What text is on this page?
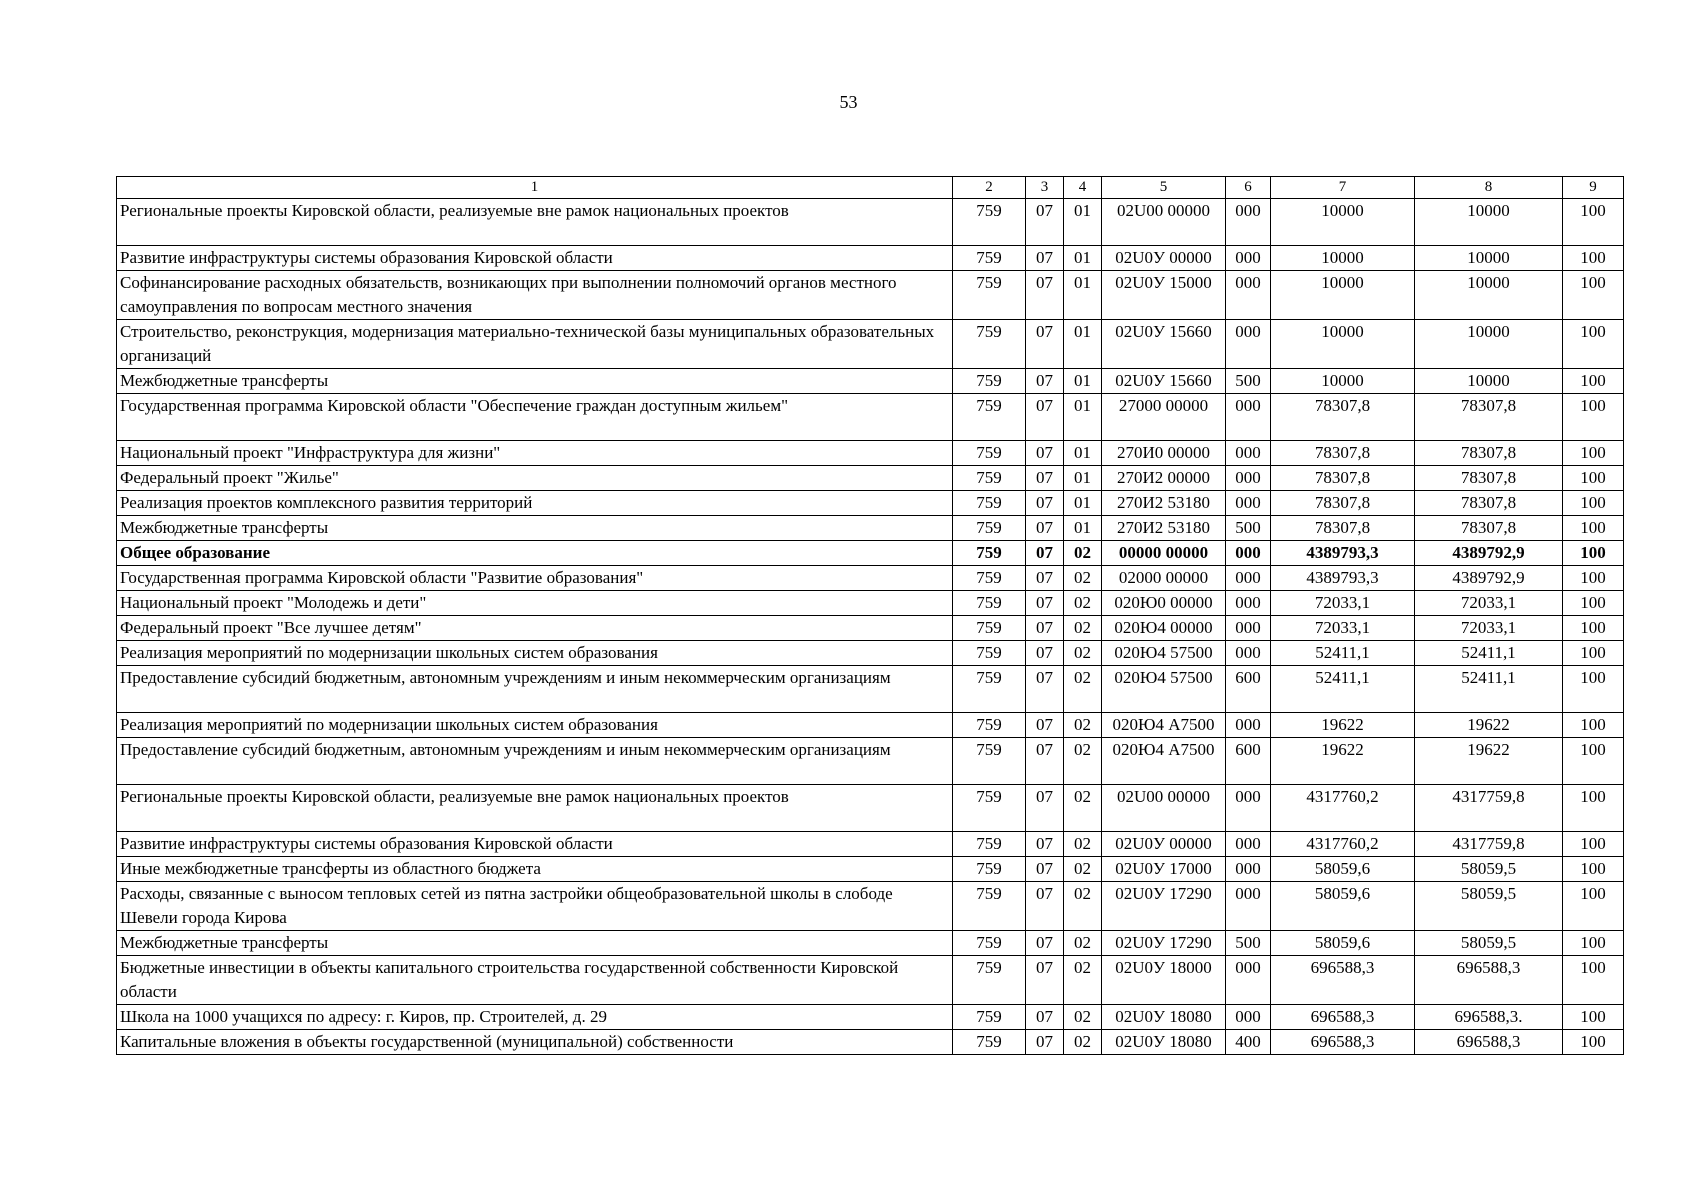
53
1	2	3	4	5	6	7	8	9
Региональные проекты Кировской области, реализуемые вне рамок национальных проектов	759	07	01	02U00 00000	000	10000	10000	100
Развитие инфраструктуры системы образования Кировской области	759	07	01	02U0У 00000	000	10000	10000	100
Софинансирование расходных обязательств, возникающих при выполнении полномочий органов местного самоуправления по вопросам местного значения	759	07	01	02U0У 15000	000	10000	10000	100
Строительство, реконструкция, модернизация материально-технической базы муниципальных образовательных организаций	759	07	01	02U0У 15660	000	10000	10000	100
Межбюджетные трансферты	759	07	01	02U0У 15660	500	10000	10000	100
Государственная программа Кировской области "Обеспечение граждан доступным жильем"	759	07	01	27000 00000	000	78307,8	78307,8	100
Национальный проект "Инфраструктура для жизни"	759	07	01	270И0 00000	000	78307,8	78307,8	100
Федеральный проект "Жилье"	759	07	01	270И2 00000	000	78307,8	78307,8	100
Реализация проектов комплексного развития территорий	759	07	01	270И2 53180	000	78307,8	78307,8	100
Межбюджетные трансферты	759	07	01	270И2 53180	500	78307,8	78307,8	100
Общее образование	759	07	02	00000 00000	000	4389793,3	4389792,9	100
Государственная программа Кировской области "Развитие образования"	759	07	02	02000 00000	000	4389793,3	4389792,9	100
Национальный проект "Молодежь и дети"	759	07	02	020Ю0 00000	000	72033,1	72033,1	100
Федеральный проект "Все лучшее детям"	759	07	02	020Ю4 00000	000	72033,1	72033,1	100
Реализация мероприятий по модернизации школьных систем образования	759	07	02	020Ю4 57500	000	52411,1	52411,1	100
Предоставление субсидий бюджетным, автономным учреждениям и иным некоммерческим организациям	759	07	02	020Ю4 57500	600	52411,1	52411,1	100
Реализация мероприятий по модернизации школьных систем образования	759	07	02	020Ю4 А7500	000	19622	19622	100
Предоставление субсидий бюджетным, автономным учреждениям и иным некоммерческим организациям	759	07	02	020Ю4 А7500	600	19622	19622	100
Региональные проекты Кировской области, реализуемые вне рамок национальных проектов	759	07	02	02U00 00000	000	4317760,2	4317759,8	100
Развитие инфраструктуры системы образования Кировской области	759	07	02	02U0У 00000	000	4317760,2	4317759,8	100
Иные межбюджетные трансферты из областного бюджета	759	07	02	02U0У 17000	000	58059,6	58059,5	100
Расходы, связанные с выносом тепловых сетей из пятна застройки общеобразовательной школы в слободе Шевели города Кирова	759	07	02	02U0У 17290	000	58059,6	58059,5	100
Межбюджетные трансферты	759	07	02	02U0У 17290	500	58059,6	58059,5	100
Бюджетные инвестиции в объекты капитального строительства государственной собственности Кировской области	759	07	02	02U0У 18000	000	696588,3	696588,3	100
Школа на 1000 учащихся по адресу: г. Киров, пр. Строителей, д. 29	759	07	02	02U0У 18080	000	696588,3	696588,3.	100
Капитальные вложения в объекты государственной (муниципальной) собственности	759	07	02	02U0У 18080	400	696588,3	696588,3	100
